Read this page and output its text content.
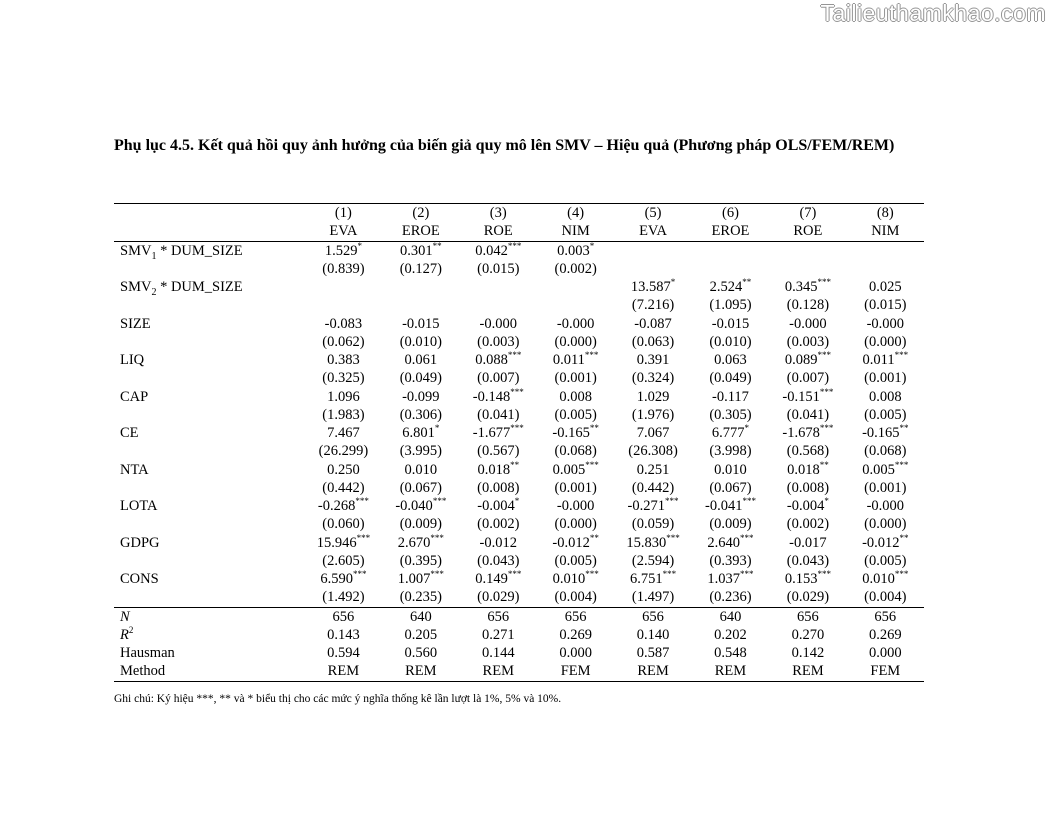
Tailieuthamkhao.com
Phụ lục 4.5. Kết quả hồi quy ảnh hưởng của biến giả quy mô lên SMV – Hiệu quả (Phương pháp OLS/FEM/REM)
	(1)	(2)	(3)	(4)	(5)	(6)	(7)	(8)
	EVA	EROE	ROE	NIM	EVA	EROE	ROE	NIM
$SMV_1$ * DUM_SIZE	1.529*	0.301**	0.042***	0.003*				
	(0.839)	(0.127)	(0.015)	(0.002)				
$SMV_2$ * DUM_SIZE					13.587*	2.524**	0.345***	0.025
					(7.216)	(1.095)	(0.128)	(0.015)
SIZE	-0.083	-0.015	-0.000	-0.000	-0.087	-0.015	-0.000	-0.000
	(0.062)	(0.010)	(0.003)	(0.000)	(0.063)	(0.010)	(0.003)	(0.000)
LIQ	0.383	0.061	0.088***	0.011***	0.391	0.063	0.089***	0.011***
	(0.325)	(0.049)	(0.007)	(0.001)	(0.324)	(0.049)	(0.007)	(0.001)
CAP	1.096	-0.099	-0.148***	0.008	1.029	-0.117	-0.151***	0.008
	(1.983)	(0.306)	(0.041)	(0.005)	(1.976)	(0.305)	(0.041)	(0.005)
CE	7.467	6.801*	-1.677***	-0.165**	7.067	6.777*	-1.678***	-0.165**
	(26.299)	(3.995)	(0.567)	(0.068)	(26.308)	(3.998)	(0.568)	(0.068)
NTA	0.250	0.010	0.018**	0.005***	0.251	0.010	0.018**	0.005***
	(0.442)	(0.067)	(0.008)	(0.001)	(0.442)	(0.067)	(0.008)	(0.001)
LOTA	-0.268***	-0.040***	-0.004*	-0.000	-0.271***	-0.041***	-0.004*	-0.000
	(0.060)	(0.009)	(0.002)	(0.000)	(0.059)	(0.009)	(0.002)	(0.000)
GDPG	15.946***	2.670***	-0.012	-0.012**	15.830***	2.640***	-0.017	-0.012**
	(2.605)	(0.395)	(0.043)	(0.005)	(2.594)	(0.393)	(0.043)	(0.005)
CONS	6.590***	1.007***	0.149***	0.010***	6.751***	1.037***	0.153***	0.010***
	(1.492)	(0.235)	(0.029)	(0.004)	(1.497)	(0.236)	(0.029)	(0.004)
N	656	640	656	656	656	640	656	656
$R^2$	0.143	0.205	0.271	0.269	0.140	0.202	0.270	0.269
Hausman	0.594	0.560	0.144	0.000	0.587	0.548	0.142	0.000
Method	REM	REM	REM	FEM	REM	REM	REM	FEM
Ghi chú: Ký hiệu ***, ** và * biểu thị cho các mức ý nghĩa thống kê lần lượt là 1%, 5% và 10%.
